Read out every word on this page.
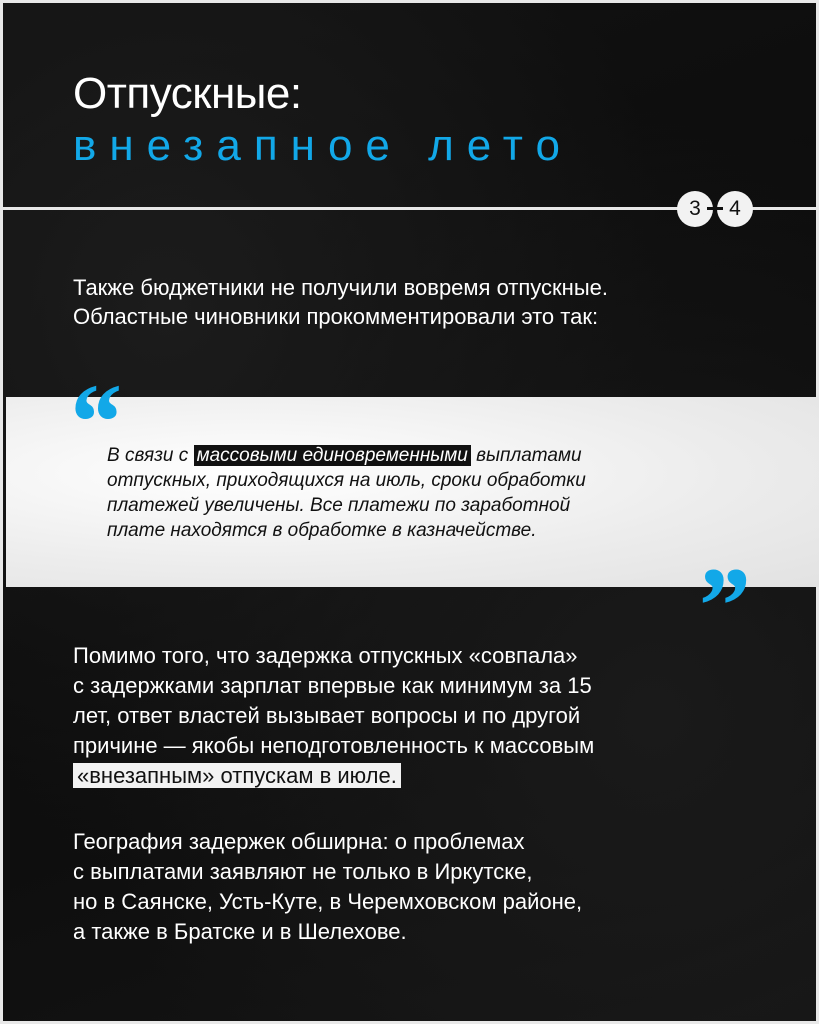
Отпускные:
внезапное лето
3	4
Также бюджетники не получили вовремя отпускные.
Областные чиновники прокомментировали это так:
“
В связи с массовыми единовременными выплатами
отпускных, приходящихся на июль, сроки обработки
платежей увеличены. Все платежи по заработной
плате находятся в обработке в казначействе.
”
Помимо того, что задержка отпускных «совпала»
с задержками зарплат впервые как минимум за 15
лет, ответ властей вызывает вопросы и по другой
причине — якобы неподготовленность к массовым
«внезапным» отпускам в июле.
География задержек обширна: о проблемах
с выплатами заявляют не только в Иркутске,
но в Саянске, Усть-Куте, в Черемховском районе,
а также в Братске и в Шелехове.
